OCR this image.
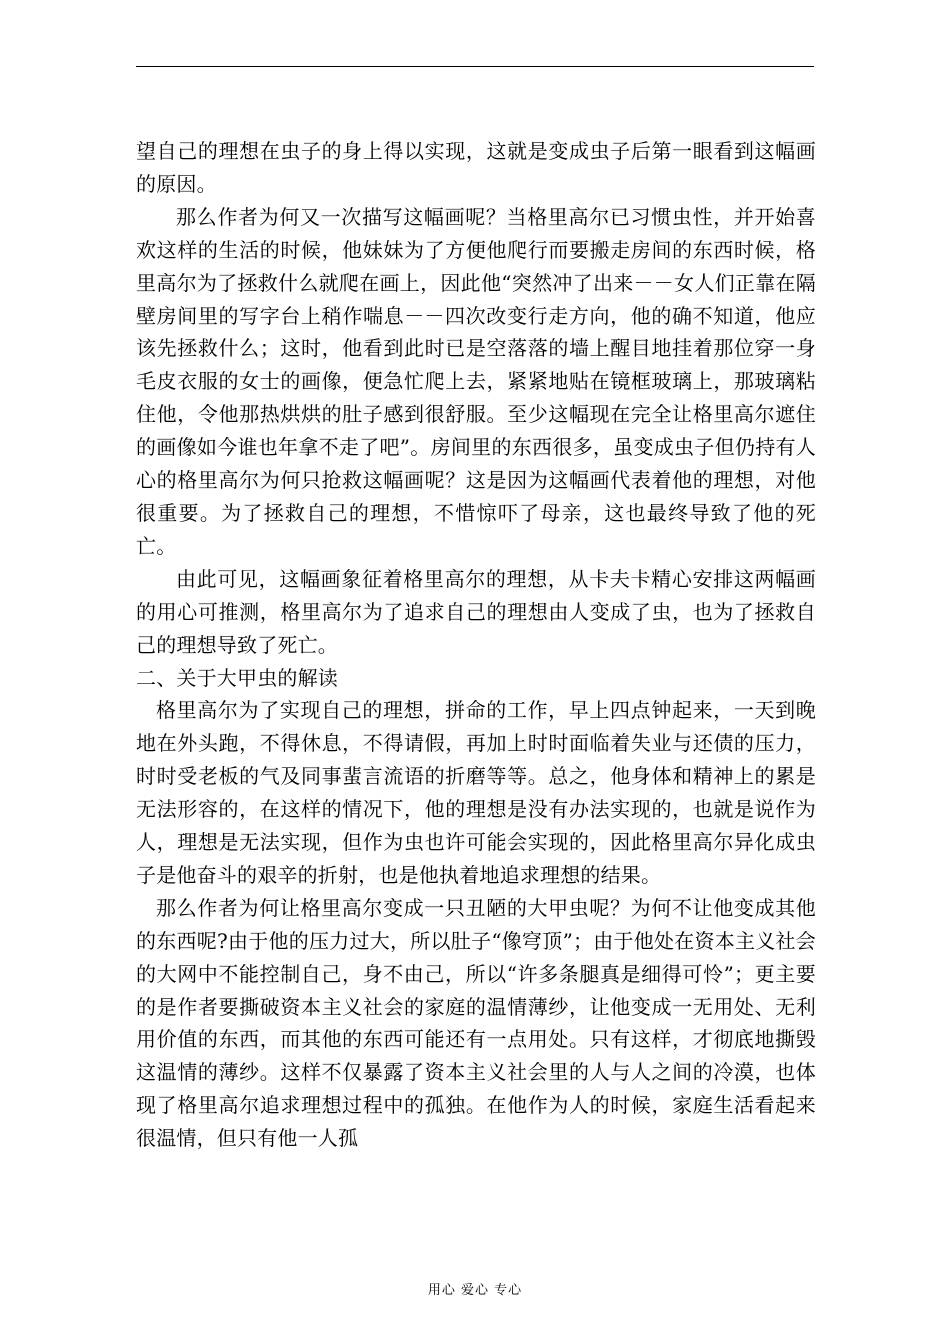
望自己的理想在虫子的身上得以实现，这就是变成虫子后第一眼看到这幅画的原因。

那么作者为何又一次描写这幅画呢？当格里高尔已习惯虫性，并开始喜欢这样的生活的时候，他妹妹为了方便他爬行而要搬走房间的东西时候，格里高尔为了拯救什么就爬在画上，因此他“突然冲了出来－－女人们正靠在隔壁房间里的写字台上稍作喘息－－四次改变行走方向，他的确不知道，他应该先拯救什么；这时，他看到此时已是空落落的墙上醒目地挂着那位穿一身毛皮衣服的女士的画像，便急忙爬上去，紧紧地贴在镜框玻璃上，那玻璃粘住他，令他那热烘烘的肚子感到很舒服。至少这幅现在完全让格里高尔遮住的画像如今谁也年拿不走了吧”。房间里的东西很多，虽变成虫子但仍持有人心的格里高尔为何只抢救这幅画呢？这是因为这幅画代表着他的理想，对他很重要。为了拯救自己的理想，不惜惊吓了母亲，这也最终导致了他的死亡。

由此可见，这幅画象征着格里高尔的理想，从卡夫卡精心安排这两幅画的用心可推测，格里高尔为了追求自己的理想由人变成了虫，也为了拯救自己的理想导致了死亡。

二、关于大甲虫的解读

格里高尔为了实现自己的理想，拼命的工作，早上四点钟起来，一天到晚地在外头跑，不得休息，不得请假，再加上时时面临着失业与还债的压力，时时受老板的气及同事蜚言流语的折磨等等。总之，他身体和精神上的累是无法形容的，在这样的情况下，他的理想是没有办法实现的，也就是说作为人，理想是无法实现，但作为虫也许可能会实现的，因此格里高尔异化成虫子是他奋斗的艰辛的折射，也是他执着地追求理想的结果。

那么作者为何让格里高尔变成一只丑陋的大甲虫呢？为何不让他变成其他的东西呢?由于他的压力过大，所以肚子“像穹顶”；由于他处在资本主义社会的大网中不能控制自己，身不由己，所以“许多条腿真是细得可怜”；更主要的是作者要撕破资本主义社会的家庭的温情薄纱，让他变成一无用处、无利用价值的东西，而其他的东西可能还有一点用处。只有这样，才彻底地撕毁这温情的薄纱。这样不仅暴露了资本主义社会里的人与人之间的冷漠，也体现了格里高尔追求理想过程中的孤独。在他作为人的时候，家庭生活看起来很温情，但只有他一人孤

用心 爱心 专心
